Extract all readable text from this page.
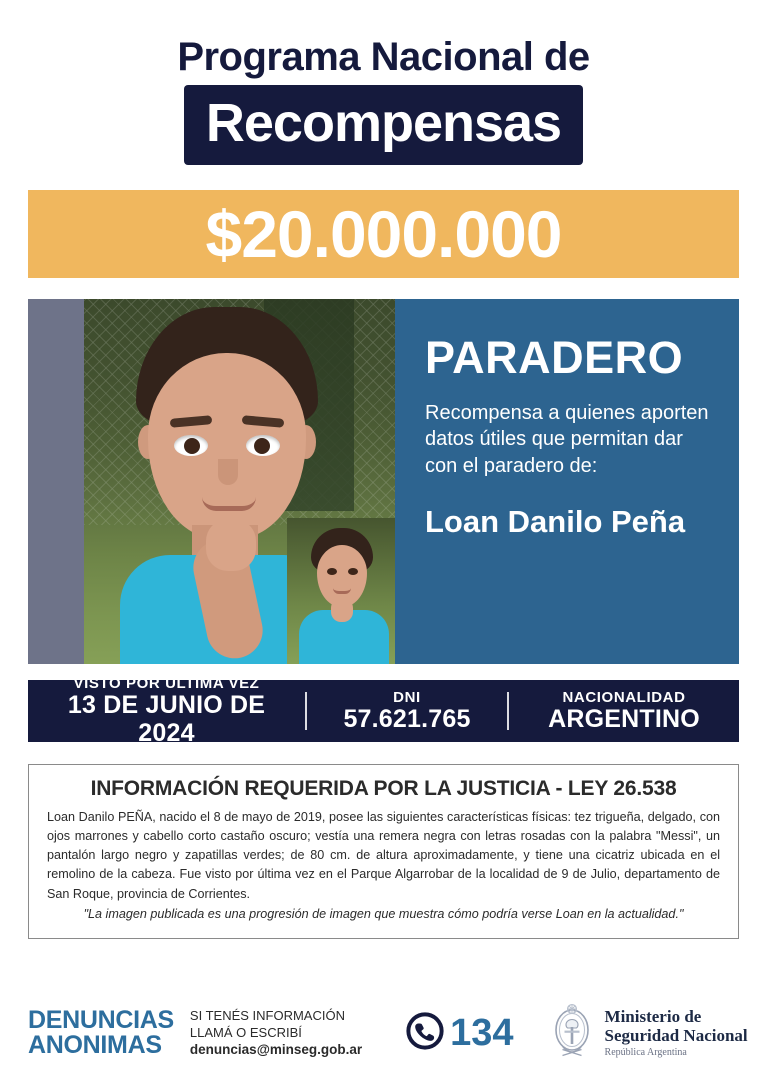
Programa Nacional de
Recompensas
$20.000.000
PARADERO
Recompensa a quienes aporten datos útiles que permitan dar con el paradero de:
Loan Danilo Peña
VISTO POR ÚLTIMA VEZ
13 DE JUNIO DE 2024
DNI
57.621.765
NACIONALIDAD
ARGENTINO
INFORMACIÓN REQUERIDA POR LA JUSTICIA - LEY 26.538
Loan Danilo PEÑA, nacido el 8 de mayo de 2019, posee las siguientes características físicas: tez trigueña, delgado, con ojos marrones y cabello corto castaño oscuro; vestía una remera negra con letras rosadas con la palabra "Messi", un pantalón largo negro y zapatillas verdes; de 80 cm. de altura aproximadamente, y tiene una cicatriz ubicada en el remolino de la cabeza. Fue visto por última vez en el Parque Algarrobar de la localidad de 9 de Julio, departamento de San Roque, provincia de Corrientes.
"La imagen publicada es una progresión de imagen que muestra cómo podría verse Loan en la actualidad."
DENUNCIAS
ANONIMAS
SI TENÉS INFORMACIÓN
LLAMÁ O ESCRIBÍ
denuncias@minseg.gob.ar 134	Ministerio de
Seguridad Nacional
República Argentina
